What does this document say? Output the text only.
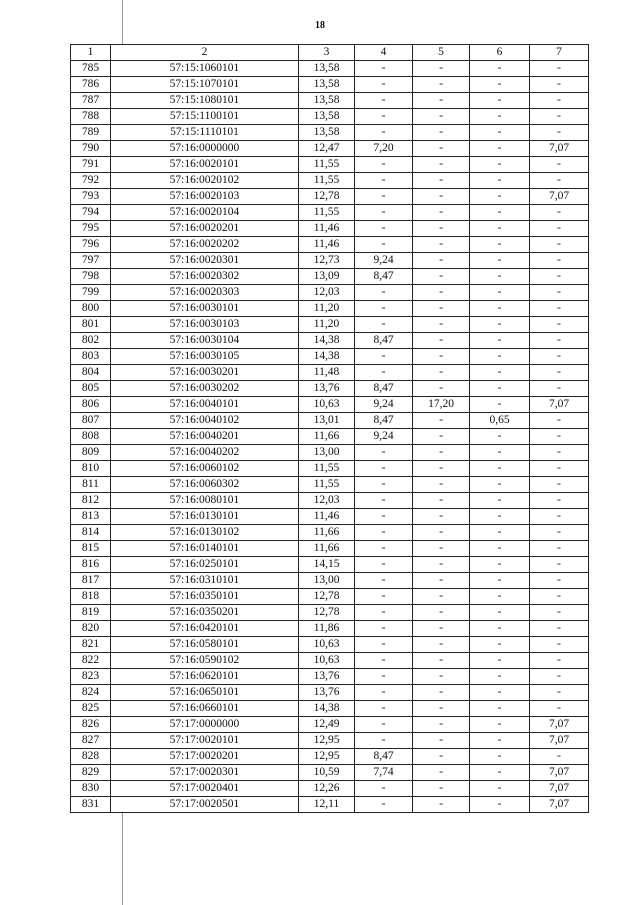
18
1	2	3	4	5	6	7
785	57:15:1060101	13,58	-	-	-	-
786	57:15:1070101	13,58	-	-	-	-
787	57:15:1080101	13,58	-	-	-	-
788	57:15:1100101	13,58	-	-	-	-
789	57:15:1110101	13,58	-	-	-	-
790	57:16:0000000	12,47	7,20	-	-	7,07
791	57:16:0020101	11,55	-	-	-	-
792	57:16:0020102	11,55	-	-	-	-
793	57:16:0020103	12,78	-	-	-	7,07
794	57:16:0020104	11,55	-	-	-	-
795	57:16:0020201	11,46	-	-	-	-
796	57:16:0020202	11,46	-	-	-	-
797	57:16:0020301	12,73	9,24	-	-	-
798	57:16:0020302	13,09	8,47	-	-	-
799	57:16:0020303	12,03	-	-	-	-
800	57:16:0030101	11,20	-	-	-	-
801	57:16:0030103	11,20	-	-	-	-
802	57:16:0030104	14,38	8,47	-	-	-
803	57:16:0030105	14,38	-	-	-	-
804	57:16:0030201	11,48	-	-	-	-
805	57:16:0030202	13,76	8,47	-	-	-
806	57:16:0040101	10,63	9,24	17,20	-	7,07
807	57:16:0040102	13,01	8,47	-	0,65	-
808	57:16:0040201	11,66	9,24	-	-	-
809	57:16:0040202	13,00	-	-	-	-
810	57:16:0060102	11,55	-	-	-	-
811	57:16:0060302	11,55	-	-	-	-
812	57:16:0080101	12,03	-	-	-	-
813	57:16:0130101	11,46	-	-	-	-
814	57:16:0130102	11,66	-	-	-	-
815	57:16:0140101	11,66	-	-	-	-
816	57:16:0250101	14,15	-	-	-	-
817	57:16:0310101	13,00	-	-	-	-
818	57:16:0350101	12,78	-	-	-	-
819	57:16:0350201	12,78	-	-	-	-
820	57:16:0420101	11,86	-	-	-	-
821	57:16:0580101	10,63	-	-	-	-
822	57:16:0590102	10,63	-	-	-	-
823	57:16:0620101	13,76	-	-	-	-
824	57:16:0650101	13,76	-	-	-	-
825	57:16:0660101	14,38	-	-	-	-
826	57:17:0000000	12,49	-	-	-	7,07
827	57:17:0020101	12,95	-	-	-	7,07
828	57:17:0020201	12,95	8,47	-	-	-
829	57:17:0020301	10,59	7,74	-	-	7,07
830	57:17:0020401	12,26	-	-	-	7,07
831	57:17:0020501	12,11	-	-	-	7,07
